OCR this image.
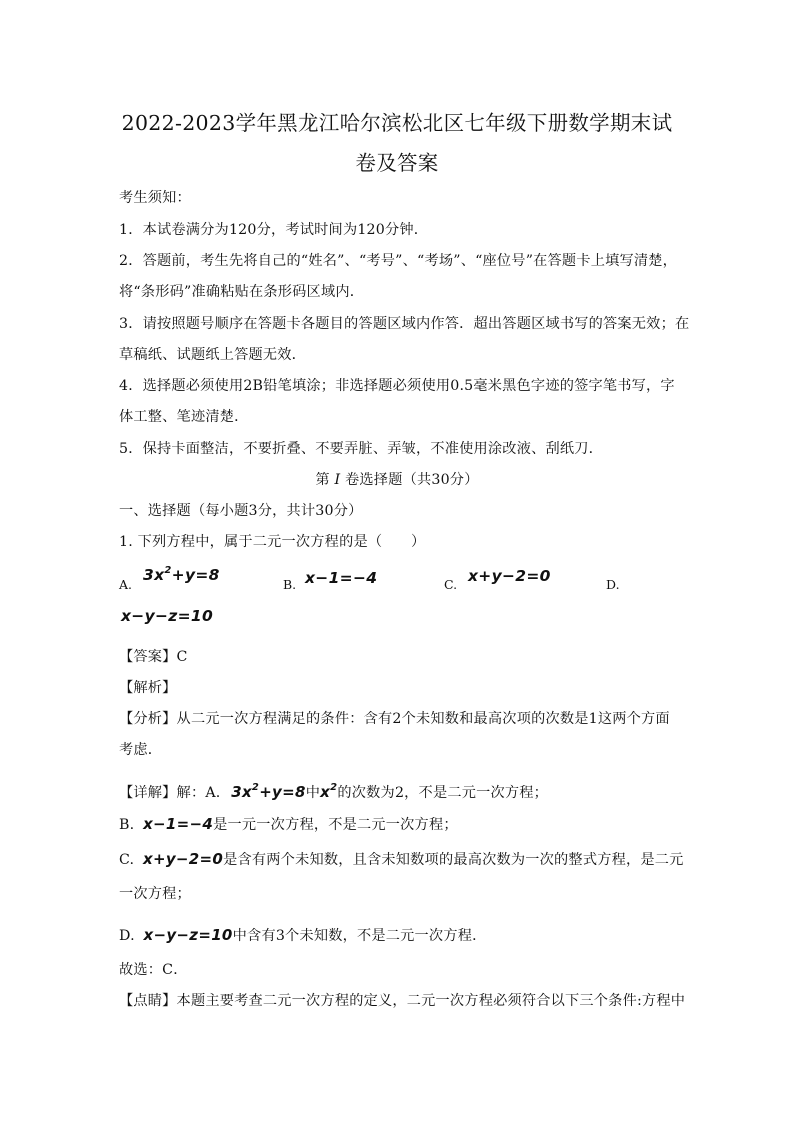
2022-2023学年黑龙江哈尔滨松北区七年级下册数学期末试
卷及答案
考生须知：
1．本试卷满分为120分，考试时间为120分钟．
2．答题前，考生先将自己的“姓名”、“考号”、“考场”、“座位号”在答题卡上填写清楚，
将“条形码”准确粘贴在条形码区域内．
3．请按照题号顺序在答题卡各题目的答题区域内作答．超出答题区域书写的答案无效；在
草稿纸、试题纸上答题无效．
4．选择题必须使用2B铅笔填涂；非选择题必须使用0.5毫米黑色字迹的签字笔书写，字
体工整、笔迹清楚．
5．保持卡面整洁，不要折叠、不要弄脏、弄皱，不准使用涂改液、刮纸刀．
第 I 卷选择题（共30分）
一、选择题（每小题3分，共计30分）
1. 下列方程中，属于二元一次方程的是（　　）
A.
$3x^2+y=8$
B. x−1=−4	C. x+y−2=0	D.
x−y−z=10
【答案】C
【解析】
【分析】从二元一次方程满足的条件：含有2个未知数和最高次项的次数是1这两个方面
考虑．
【详解】解：A. $3x^2+y=8$中$x^2$的次数为2，不是二元一次方程；
B. x−1=−4是一元一次方程，不是二元一次方程；
C. x+y−2=0是含有两个未知数，且含未知数项的最高次数为一次的整式方程，是二元
一次方程；
D. x−y−z=10中含有3个未知数，不是二元一次方程．
故选：C．
【点睛】本题主要考查二元一次方程的定义，二元一次方程必须符合以下三个条件:方程中
